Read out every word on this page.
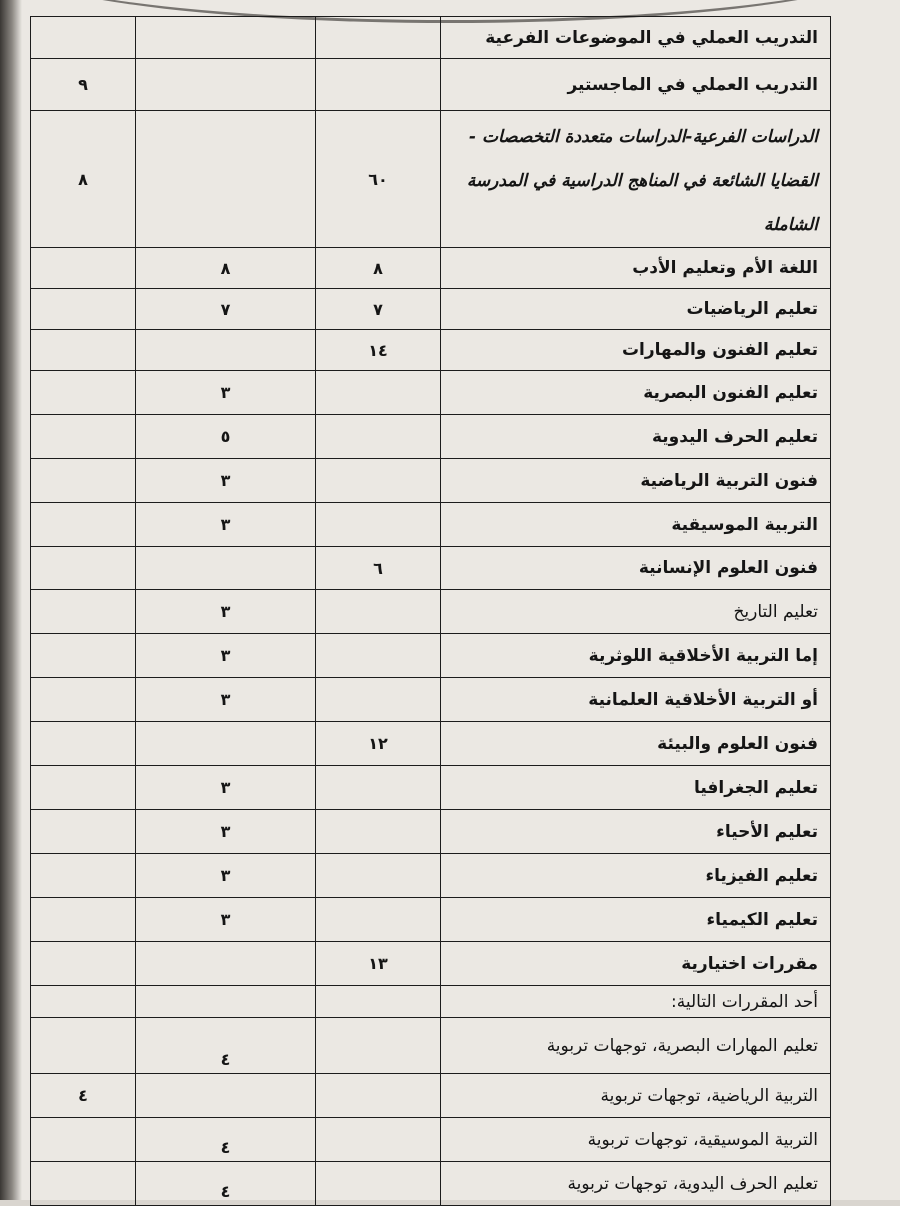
التدريب العملي في الموضوعات الفرعية			
التدريب العملي في الماجستير			٩
الدراسات الفرعية-الدراسات متعددة التخصصات - القضايا الشائعة في المناهج الدراسية في المدرسة الشاملة	٦٠		٨
اللغة الأم وتعليم الأدب	٨	٨	
تعليم الرياضيات	٧	٧	
تعليم الفنون والمهارات	١٤		
تعليم الفنون البصرية		٣	
تعليم الحرف اليدوية		٥	
فنون التربية الرياضية		٣	
التربية الموسيقية		٣	
فنون العلوم الإنسانية	٦		
تعليم التاريخ		٣	
إما التربية الأخلاقية اللوثرية		٣	
أو التربية الأخلاقية العلمانية		٣	
فنون العلوم والبيئة	١٢		
تعليم الجغرافيا		٣	
تعليم الأحياء		٣	
تعليم الفيزياء		٣	
تعليم الكيمياء		٣	
مقررات اختيارية	١٣		
أحد المقررات التالية:			
تعليم المهارات البصرية، توجهات تربوية		٤	
التربية الرياضية، توجهات تربوية			٤
التربية الموسيقية، توجهات تربوية		٤	
تعليم الحرف اليدوية، توجهات تربوية		٤	
